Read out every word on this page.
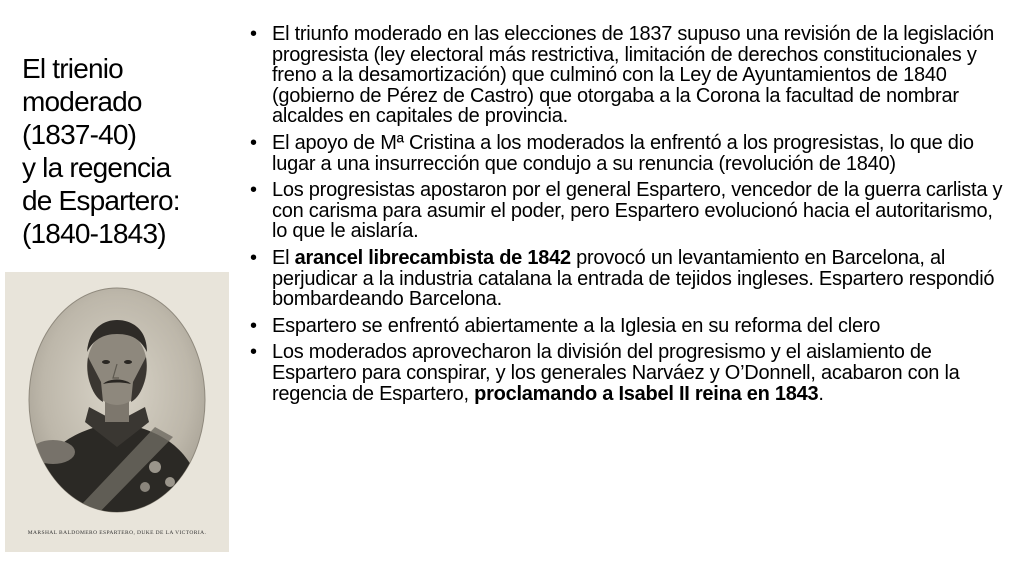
El trienio
moderado
(1837-40)
y la regencia
de Espartero:
(1840-1843)
MARSHAL BALDOMERO ESPARTERO, DUKE DE LA VICTORIA.
• El triunfo moderado en las elecciones de 1837 supuso una revisión de la legislación progresista (ley electoral más restrictiva, limitación de derechos constitucionales y freno a la desamortización) que culminó con la Ley de Ayuntamientos de 1840 (gobierno de Pérez de Castro) que otorgaba a la Corona la facultad de nombrar alcaldes en capitales de provincia.
• El apoyo de Mª Cristina a los moderados la enfrentó a los progresistas, lo que dio lugar a una insurrección que condujo a su renuncia (revolución de 1840)
• Los progresistas apostaron por el general Espartero, vencedor de la guerra carlista y con carisma para asumir el poder, pero Espartero evolucionó hacia el autoritarismo, lo que le aislaría.
• El arancel librecambista de 1842 provocó un levantamiento en Barcelona, al perjudicar a la industria catalana la entrada de tejidos ingleses. Espartero respondió bombardeando Barcelona.
• Espartero se enfrentó abiertamente a la Iglesia en su reforma del clero
• Los moderados aprovecharon la división del progresismo y el aislamiento de Espartero para conspirar, y los generales Narváez y O’Donnell, acabaron con la regencia de Espartero, proclamando a Isabel II reina en 1843.
